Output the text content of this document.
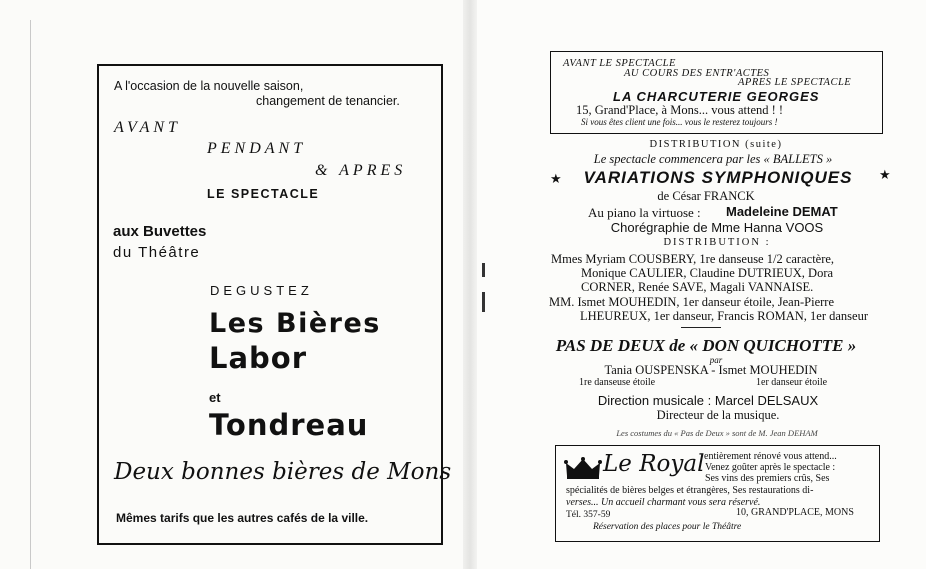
A l'occasion de la nouvelle saison,
changement de tenancier.
AVANT
PENDANT
& APRES
LE SPECTACLE
aux Buvettes
du Théâtre
DEGUSTEZ
Les Bières
Labor
et
Tondreau
Deux bonnes bières de Mons
Mêmes tarifs que les autres cafés de la ville.
AVANT LE SPECTACLE
AU COURS DES ENTR'ACTES
APRES LE SPECTACLE
LA CHARCUTERIE GEORGES
15, Grand'Place, à Mons... vous attend ! !
Si vous êtes client une fois... vous le resterez toujours !
DISTRIBUTION (suite)
Le spectacle commencera par les « BALLETS »
★	★
VARIATIONS SYMPHONIQUES
de César FRANCK
Au piano la virtuose : Madeleine DEMAT
Chorégraphie de Mme Hanna VOOS
DISTRIBUTION :
Mmes Myriam COUSBERY, 1re danseuse 1/2 caractère,
Monique CAULIER, Claudine DUTRIEUX, Dora
CORNER, Renée SAVE, Magali VANNAISE.
MM. Ismet MOUHEDIN, 1er danseur étoile, Jean-Pierre
LHEUREUX, 1er danseur, Francis ROMAN, 1er danseur
PAS DE DEUX de « DON QUICHOTTE »
par
Tania OUSPENSKA - Ismet MOUHEDIN
1re danseuse étoile	1er danseur étoile
Direction musicale : Marcel DELSAUX
Directeur de la musique.
Les costumes du « Pas de Deux » sont de M. Jean DEHAM
Le Royal entièrement rénové vous attend...
Venez goûter après le spectacle :
Ses vins des premiers crûs, Ses
spécialités de bières belges et étrangères, Ses restaurations di-
verses... Un accueil charmant vous sera réservé.
Tél. 357-59	10, GRAND'PLACE, MONS
Réservation des places pour le Théâtre
